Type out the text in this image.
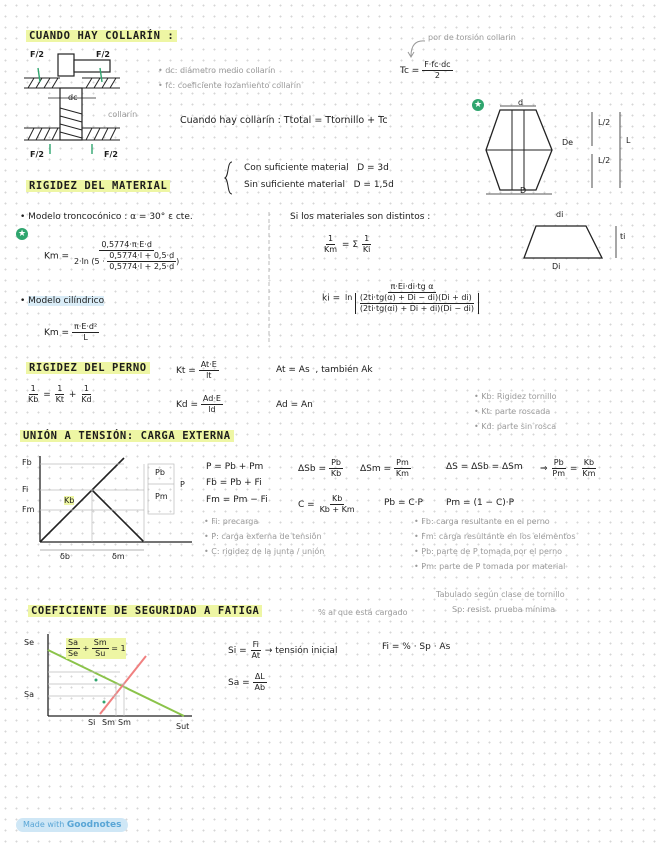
CUANDO HAY COLLARÍN :	por de torsión collarin
F/2	F/2
F/2	F/2
dc
collarín
• dc: diámetro medio collarín
• fc: coeficiente rozamiento collarín
$Tc = \frac{F\cdot fc\cdot dc}{2}$
Cuando hay collarín : Ttotal = Ttornillo + Tc
★	d
De
L/2
L/2
L
D
RIGIDEZ DEL MATERIAL
Con suficiente material D = 3d
Sin suficiente material D = 1,5d
• Modelo troncocónico : α = 30° ε cte.
★
$Km = \frac{0,5774\cdot\pi\cdot E\cdot d}{2\cdot\ln (5 \cdot \frac{0,5774\cdot l + 0,5\cdot d}{0,5774\cdot l + 2,5\cdot d} )}$
• Modelo cilíndrico
$Km = \frac{\text{π·E·d²}}{L}$
Si los materiales son distintos :
$\frac{1}{Km} = \Sigma \frac{1}{Ki}$
di
ti
Di
ki =
π·Ei·di·tg α
$\ln \frac{(2ti\cdot tg(\alpha) + Di - di)(Di + di)}{(2ti\cdot tg(\alpha i) + Di + di)(Di - di)}$
RIGIDEZ DEL PERNO	$Kt = \frac{At\cdot E}{lt}$	At = As , también Ak
$\frac{1}{Kb} = \frac{1}{Kt} + \frac{1}{Kd}$	$Kd = \frac{Ad\cdot E}{ld}$	Ad = An
• Kb: Rigidez tornillo
• Kt: parte roscada
• Kd: parte sin rosca
UNIÓN A TENSIÓN: CARGA EXTERNA
Fb
Fi
Fm
δb	δm
Pb
Pm
P
Kb
P = Pb + Pm	$\Delta Sb = \frac{Pb}{Kb}$ $\Delta Sm = \frac{Pm}{Km}$	ΔS = ΔSb = ΔSm ⇒ $\frac{Pb}{Pm} = \frac{Kb}{Km}$
Fb = Pb + Fi
Fm = Pm − Fi	$C = \frac{Kb}{Kb + Km}$	Pb = C·P	Pm = (1 − C)·P
• Fi: precarga
• P: carga externa de tensión
• C: rigidez de la junta / unión
• Fb: carga resultante en el perno
• Fm: carga resultante en los elementos
• Pb: parte de P tomada por el perno
• Pm: parte de P tomada por material
COEFICIENTE DE SEGURIDAD A FATIGA	% al que está cargado
Tabulado según clase de tornillo
Sp: resist. prueba mínima
$Si = \frac{Fi}{At}$ → tensión inicial	Fi = % · Sp · As
$Sa = \frac{\Delta L}{Ab}$
Se
Sa
$\frac{Sa}{Se} + \frac{Sm}{Su} = 1$
Si Sm Sm	Sut
Made with Goodnotes
